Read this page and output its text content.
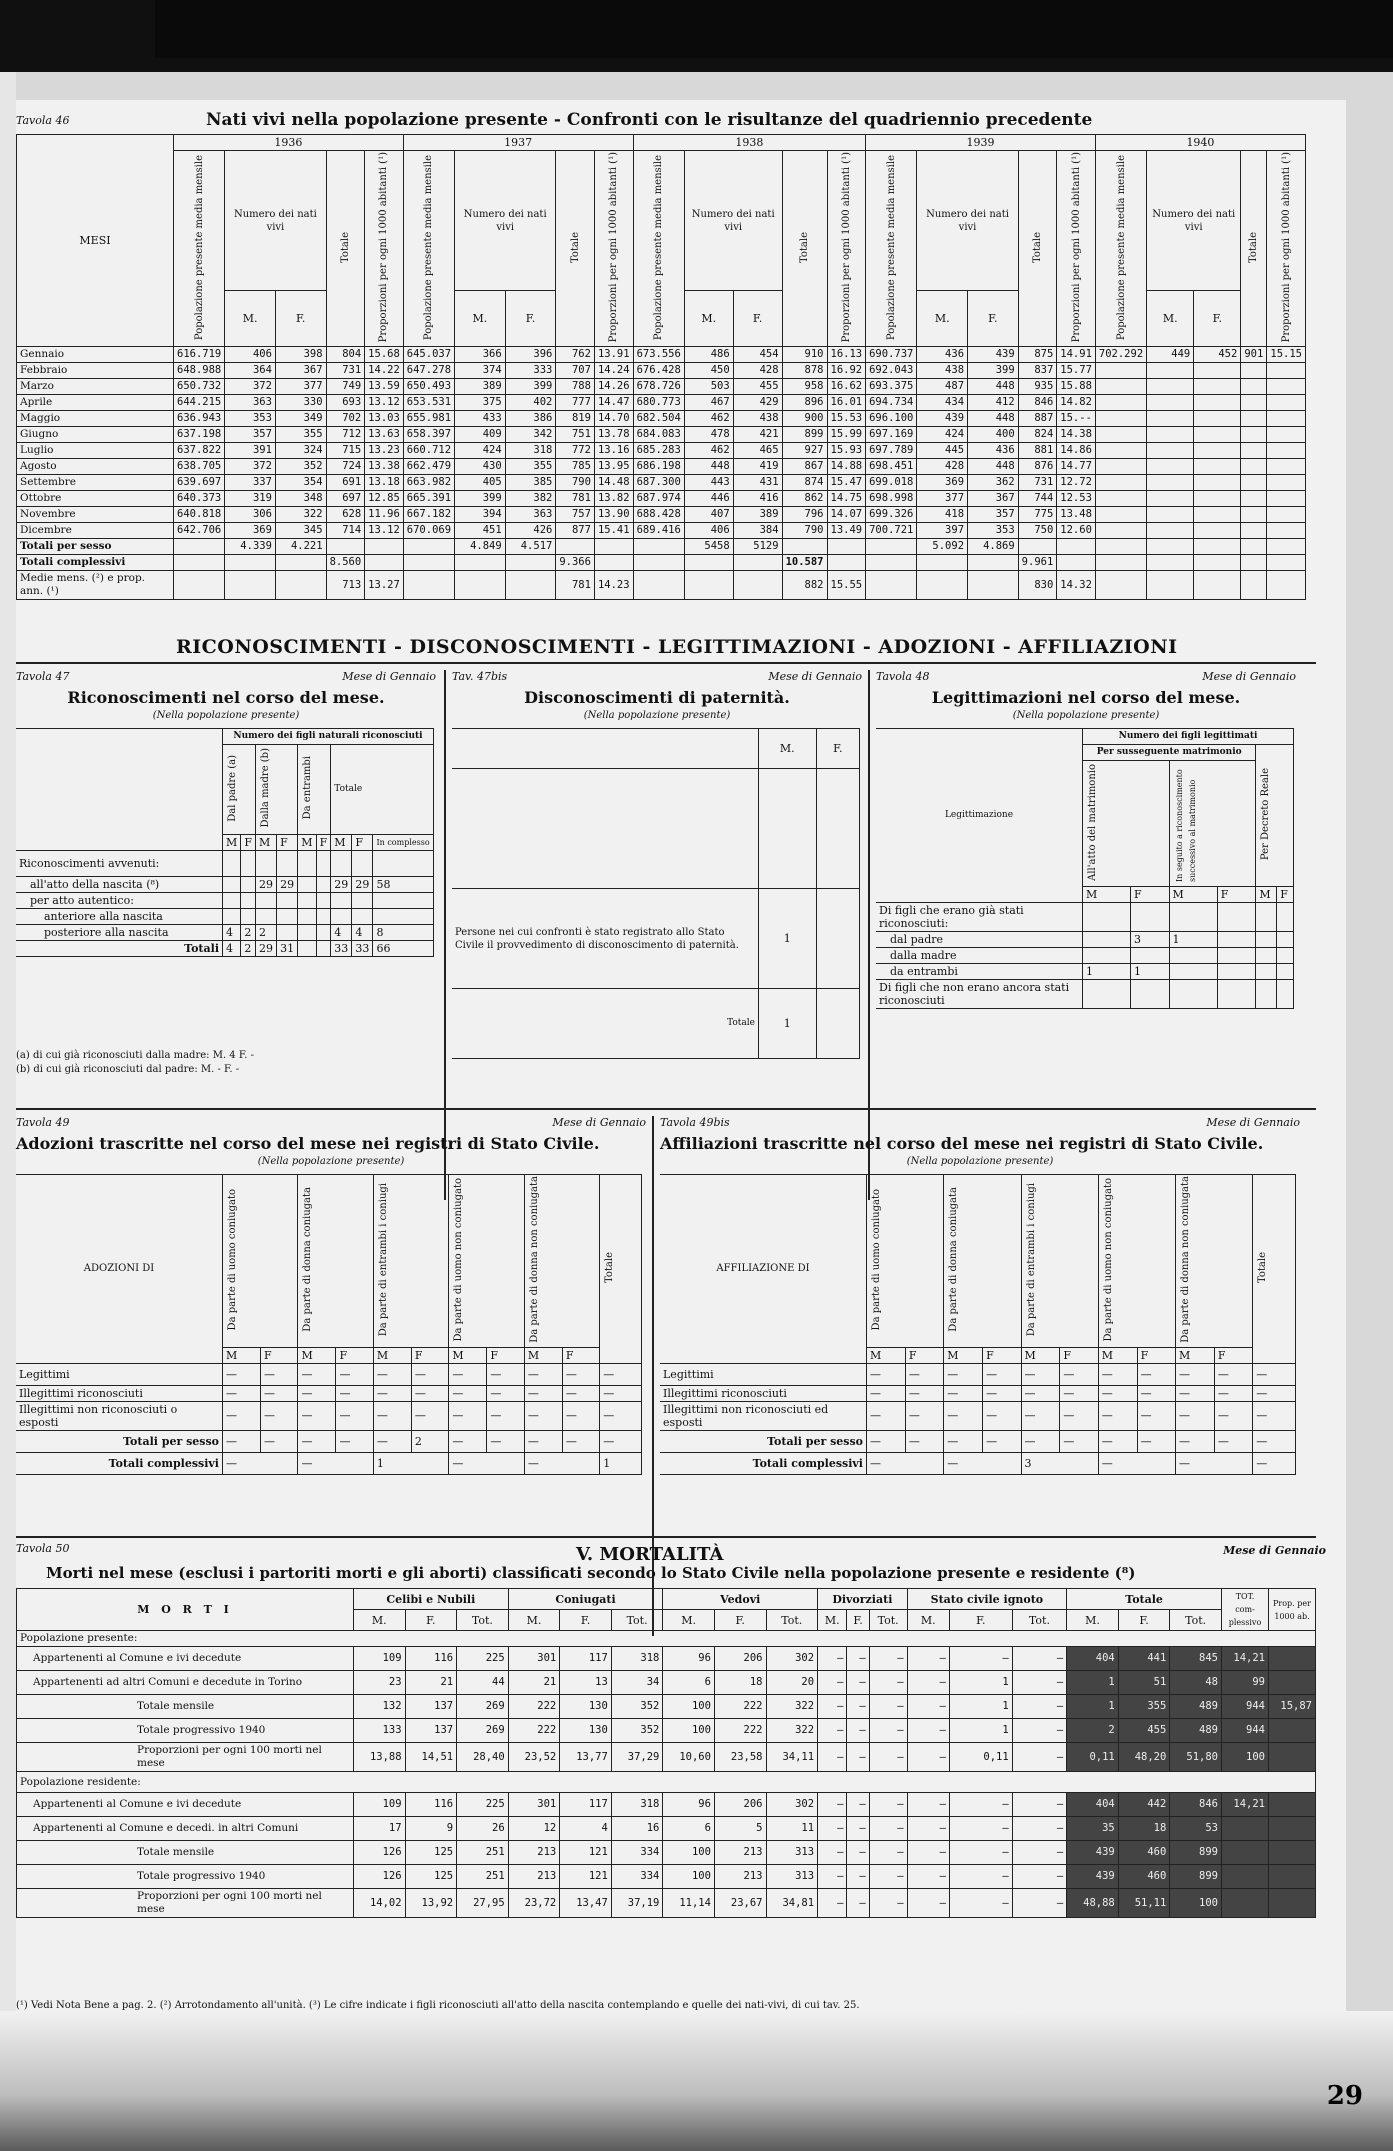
Tavola 46	Nati vivi nella popolazione presente - Confronti con le risultanze del quadriennio precedente
MESI	1936					1937					1938					1939					1940				
	Popolazione presente media mensile	Numero dei nati vivi		Totale	Proporzioni per ogni 1000 abitanti (¹)	Popolazione presente media mensile	Numero dei nati vivi		Totale	Proporzioni per ogni 1000 abitanti (¹)	Popolazione presente media mensile	Numero dei nati vivi		Totale	Proporzioni per ogni 1000 abitanti (¹)	Popolazione presente media mensile	Numero dei nati vivi		Totale	Proporzioni per ogni 1000 abitanti (¹)	Popolazione presente media mensile	Numero dei nati vivi		Totale	Proporzioni per ogni 1000 abitanti (¹)
		M.	F.				M.	F.				M.	F.				M.	F.				M.	F.		
Gennaio	616.719	406	398	804	15.68	645.037	366	396	762	13.91	673.556	486	454	910	16.13	690.737	436	439	875	14.91	702.292	449	452	901	15.15
Febbraio	648.988	364	367	731	14.22	647.278	374	333	707	14.24	676.428	450	428	878	16.92	692.043	438	399	837	15.77					
Marzo	650.732	372	377	749	13.59	650.493	389	399	788	14.26	678.726	503	455	958	16.62	693.375	487	448	935	15.88					
Aprile	644.215	363	330	693	13.12	653.531	375	402	777	14.47	680.773	467	429	896	16.01	694.734	434	412	846	14.82					
Maggio	636.943	353	349	702	13.03	655.981	433	386	819	14.70	682.504	462	438	900	15.53	696.100	439	448	887	15.--					
Giugno	637.198	357	355	712	13.63	658.397	409	342	751	13.78	684.083	478	421	899	15.99	697.169	424	400	824	14.38					
Luglio	637.822	391	324	715	13.23	660.712	424	318	772	13.16	685.283	462	465	927	15.93	697.789	445	436	881	14.86					
Agosto	638.705	372	352	724	13.38	662.479	430	355	785	13.95	686.198	448	419	867	14.88	698.451	428	448	876	14.77					
Settembre	639.697	337	354	691	13.18	663.982	405	385	790	14.48	687.300	443	431	874	15.47	699.018	369	362	731	12.72					
Ottobre	640.373	319	348	697	12.85	665.391	399	382	781	13.82	687.974	446	416	862	14.75	698.998	377	367	744	12.53					
Novembre	640.818	306	322	628	11.96	667.182	394	363	757	13.90	688.428	407	389	796	14.07	699.326	418	357	775	13.48					
Dicembre	642.706	369	345	714	13.12	670.069	451	426	877	15.41	689.416	406	384	790	13.49	700.721	397	353	750	12.60					
Totali per sesso		4.339	4.221				4.849	4.517				5458	5129				5.092	4.869							
Totali complessivi				8.560					9.366					10.587					9.961						
Medie mens. (²) e prop. ann. (¹)				713	13.27				781	14.23				882	15.55				830	14.32					
RICONOSCIMENTI - DISCONOSCIMENTI - LEGITTIMAZIONI - ADOZIONI - AFFILIAZIONI
Tavola 47	Mese di Gennaio
Riconoscimenti nel corso del mese.
(Nella popolazione presente)
	Numero dei figli naturali riconosciuti								
	Dal padre (a)		Dalla madre (b)		Da entrambi		Totale		
	M	F	M	F	M	F	M	F	In complesso
Riconoscimenti avvenuti:									
all'atto della nascita (⁸)			29	29			29	29	58
per atto autentico:									
anteriore alla nascita									
posteriore alla nascita	4	2	2				4	4	8
Totali	4	2	29	31			33	33	66
(a) di cui già riconosciuti dalla madre: M. 4 F. -
(b) di cui già riconosciuti dal padre: M. - F. -
Tav. 47bis	Mese di Gennaio
Disconoscimenti di paternità.
(Nella popolazione presente)
	M.	F.

Persone nei cui confronti è stato registrato allo Stato Civile il provvedimento di disconoscimento di paternità.	1	
Totale	1	
Tavola 48	Mese di Gennaio
Legittimazioni nel corso del mese.
(Nella popolazione presente)
Legittimazione	Numero dei figli legittimati					
	Per susseguente matrimonio				Per Decreto Reale	
	All'atto del matrimonio		In seguito a riconoscimento successivo al matrimonio			
	M	F	M	F	M	F
Di figli che erano già stati riconosciuti:						
dal padre		3	1			
dalla madre						
da entrambi	1	1				
Di figli che non erano ancora stati riconosciuti						
Tavola 49	Mese di Gennaio
Adozioni trascritte nel corso del mese nei registri di Stato Civile.
(Nella popolazione presente)
ADOZIONI DI	Da parte di uomo coniugato		Da parte di donna coniugata		Da parte di entrambi i coniugi		Da parte di uomo non coniugato		Da parte di donna non coniugata		Totale
	M	F	M	F	M	F	M	F	M	F	
Legittimi	—	—	—	—	—	—	—	—	—	—	—
Illegittimi riconosciuti	—	—	—	—	—	—	—	—	—	—	—
Illegittimi non riconosciuti o esposti	—	—	—	—	—	—	—	—	—	—	—
Totali per sesso	—	—	—	—	—	2	—	—	—	—	—
Totali complessivi	—		—		1		—		—		1
Tavola 49bis	Mese di Gennaio
Affiliazioni trascritte nel corso del mese nei registri di Stato Civile.
(Nella popolazione presente)
AFFILIAZIONE DI	Da parte di uomo coniugato		Da parte di donna coniugata		Da parte di entrambi i coniugi		Da parte di uomo non coniugato		Da parte di donna non coniugata		Totale
	M	F	M	F	M	F	M	F	M	F	
Legittimi	—	—	—	—	—	—	—	—	—	—	—
Illegittimi riconosciuti	—	—	—	—	—	—	—	—	—	—	—
Illegittimi non riconosciuti ed esposti	—	—	—	—	—	—	—	—	—	—	—
Totali per sesso	—	—	—	—	—	—	—	—	—	—	—
Totali complessivi	—		—		3		—		—		—
Tavola 50	V. MORTALITÀ	Mese di Gennaio
Morti nel mese (esclusi i partoriti morti e gli aborti) classificati secondo lo Stato Civile nella popolazione presente e residente (⁸)
M O R T I	Celibi e Nubili			Coniugati			Vedovi			Divorziati			Stato civile ignoto			Totale			TOT. com-plessivo	Prop. per 1000 ab.
	M.	F.	Tot.	M.	F.	Tot.	M.	F.	Tot.	M.	F.	Tot.	M.	F.	Tot.	M.	F.	Tot.		
Popolazione presente:																				
Appartenenti al Comune e ivi decedute	109	116	225	301	117	318	96	206	302	—	—	—	—	—	—	404	441	845	14,21	
Appartenenti ad altri Comuni e decedute in Torino	23	21	44	21	13	34	6	18	20	—	—	—	—	1	—	1	51	48	99	
Totale mensile	132	137	269	222	130	352	100	222	322	—	—	—	—	1	—	1	355	489	944	15,87
Totale progressivo 1940	133	137	269	222	130	352	100	222	322	—	—	—	—	1	—	2	455	489	944	
Proporzioni per ogni 100 morti nel mese	13,88	14,51	28,40	23,52	13,77	37,29	10,60	23,58	34,11	—	—	—	—	0,11	—	0,11	48,20	51,80	100	
Popolazione residente:																				
Appartenenti al Comune e ivi decedute	109	116	225	301	117	318	96	206	302	—	—	—	—	—	—	404	442	846	14,21	
Appartenenti al Comune e decedi. in altri Comuni	17	9	26	12	4	16	6	5	11	—	—	—	—	—	—	35	18	53		
Totale mensile	126	125	251	213	121	334	100	213	313	—	—	—	—	—	—	439	460	899		
Totale progressivo 1940	126	125	251	213	121	334	100	213	313	—	—	—	—	—	—	439	460	899		
Proporzioni per ogni 100 morti nel mese	14,02	13,92	27,95	23,72	13,47	37,19	11,14	23,67	34,81	—	—	—	—	—	—	48,88	51,11	100		
(¹) Vedi Nota Bene a pag. 2. (²) Arrotondamento all'unità. (³) Le cifre indicate i figli riconosciuti all'atto della nascita contemplando e quelle dei nati-vivi, di cui tav. 25.
29
